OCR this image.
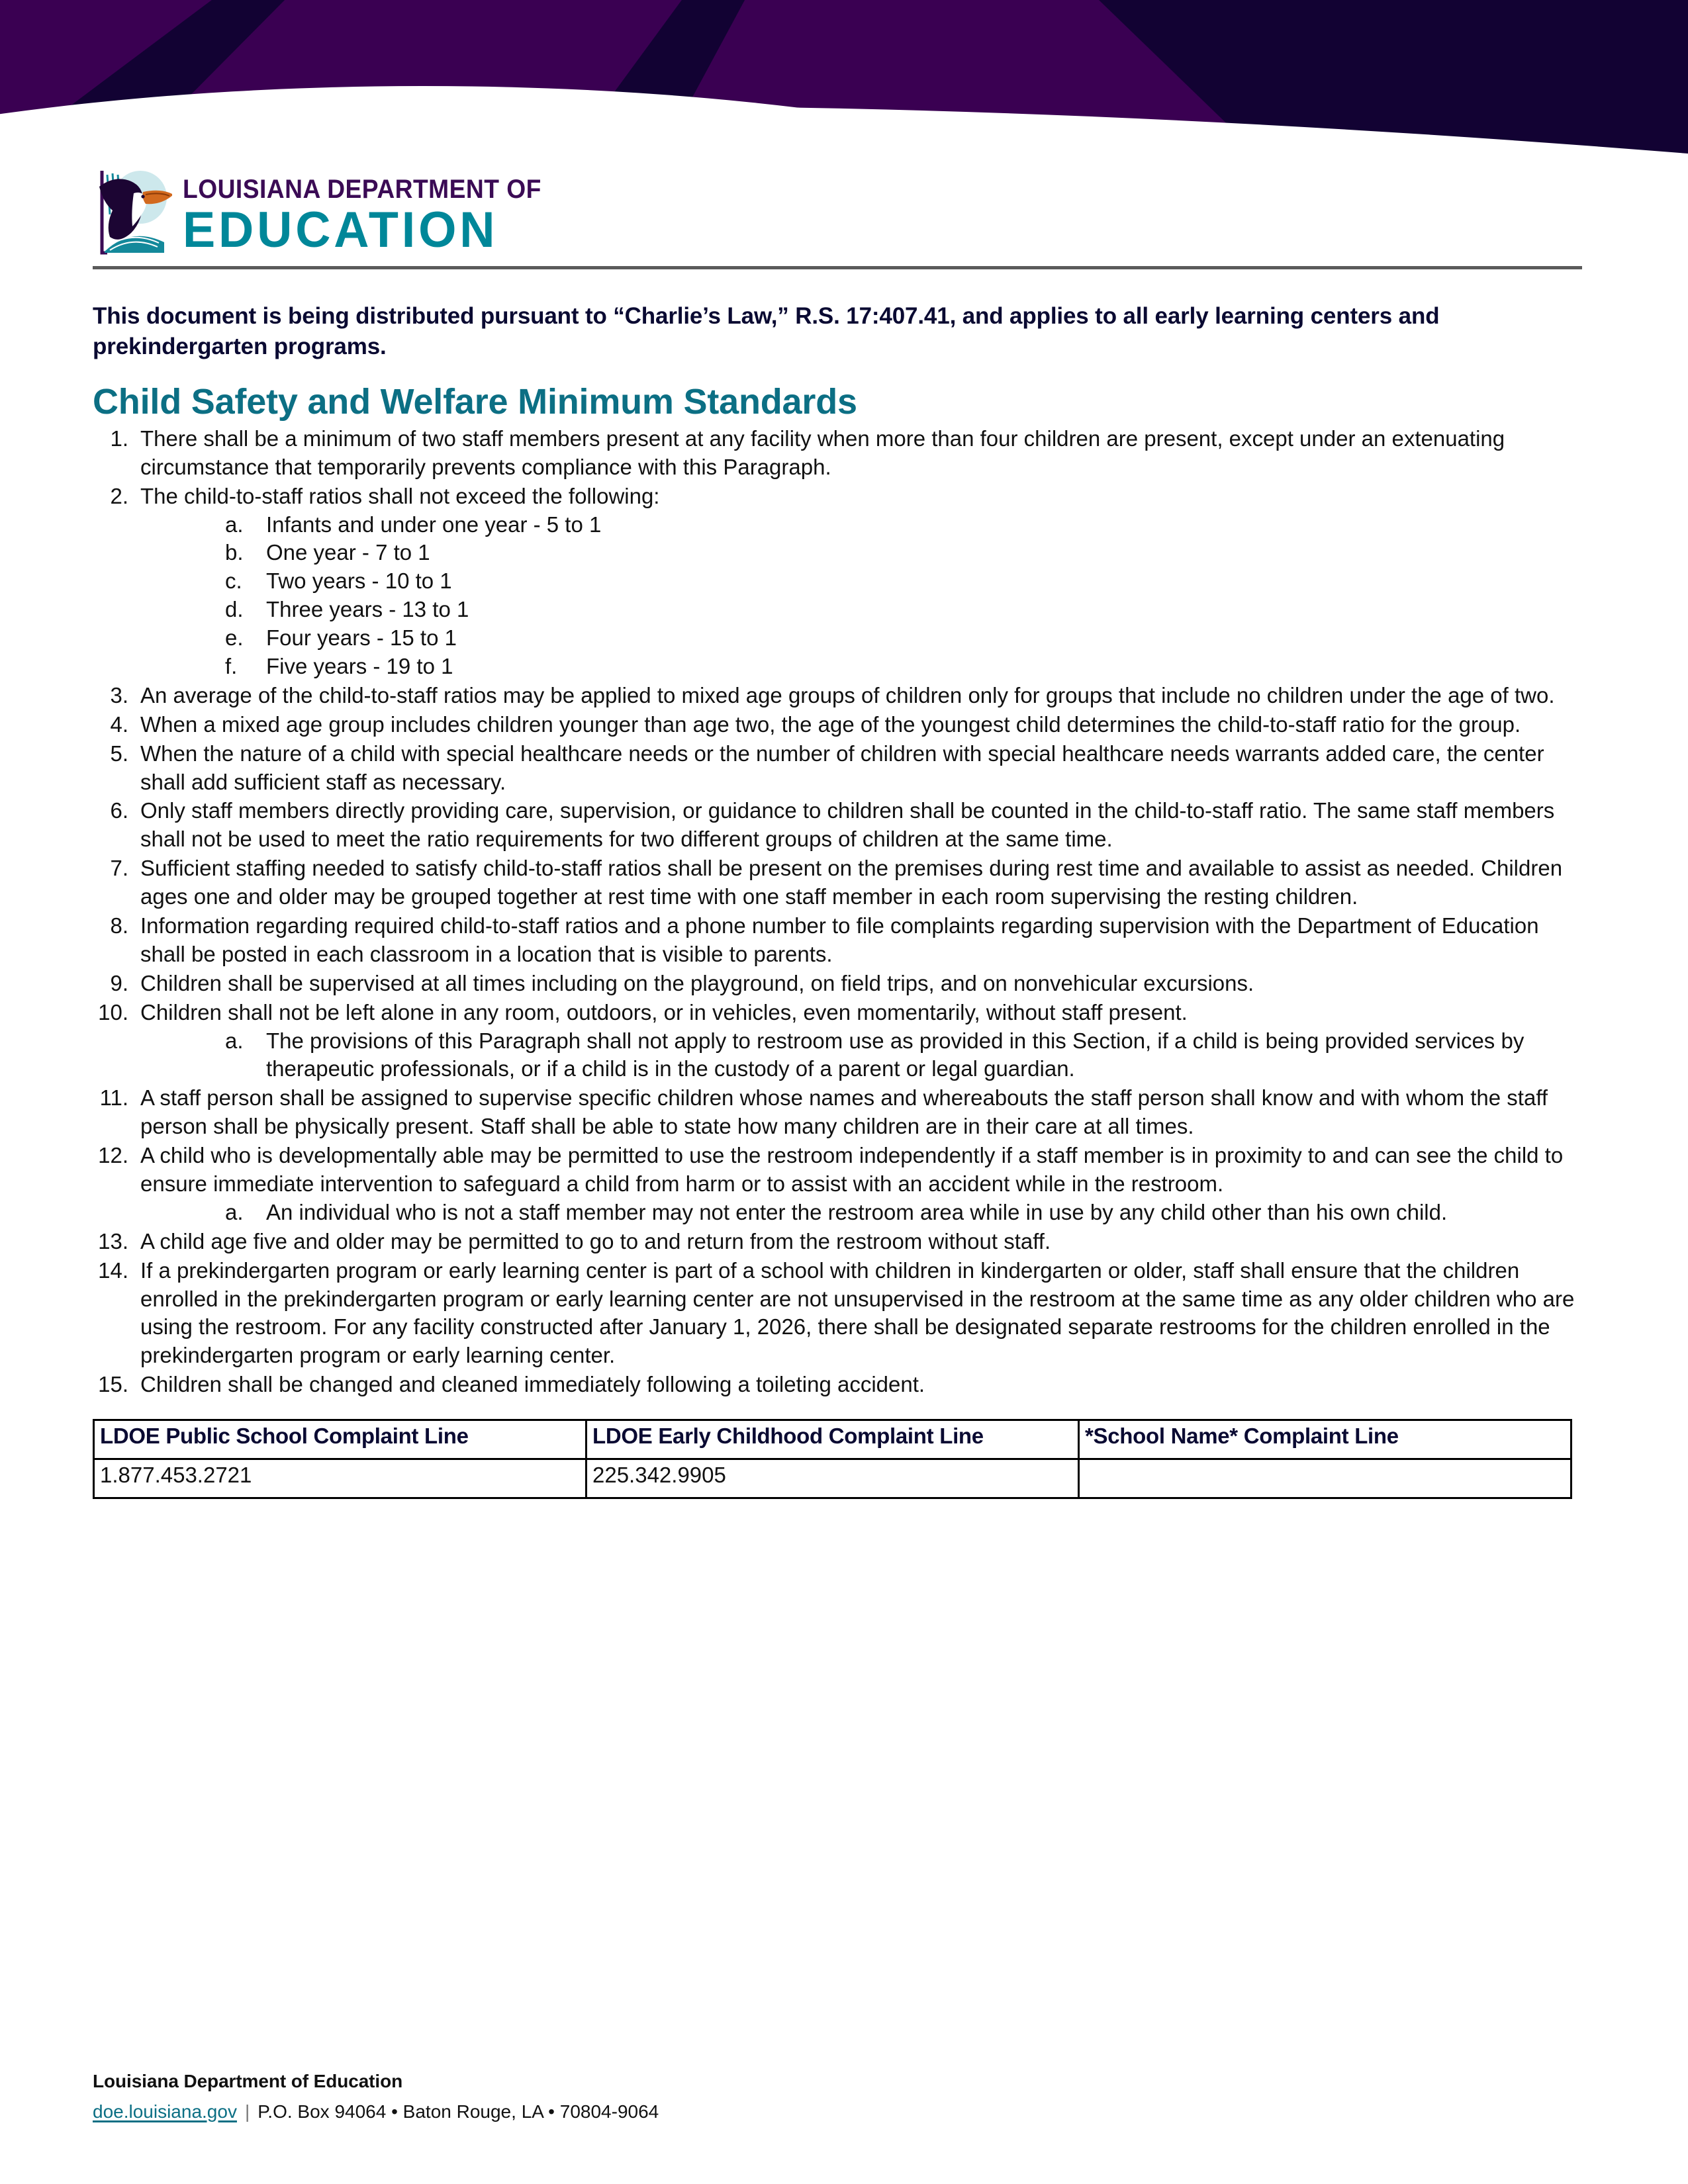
LOUISIANA DEPARTMENT OF
EDUCATION

This document is being distributed pursuant to “Charlie’s Law,” R.S. 17:407.41, and applies to all early learning centers and prekindergarten programs.

Child Safety and Welfare Minimum Standards
1. There shall be a minimum of two staff members present at any facility when more than four children are present, except under an extenuating circumstance that temporarily prevents compliance with this Paragraph.
2. The child-to-staff ratios shall not exceed the following:
a.	Infants and under one year - 5 to 1
b.	One year - 7 to 1
c.	Two years - 10 to 1
d.	Three years - 13 to 1
e.	Four years - 15 to 1
f.	Five years - 19 to 1
3. An average of the child-to-staff ratios may be applied to mixed age groups of children only for groups that include no children under the age of two.
4. When a mixed age group includes children younger than age two, the age of the youngest child determines the child-to-staff ratio for the group.
5. When the nature of a child with special healthcare needs or the number of children with special healthcare needs warrants added care, the center shall add sufficient staff as necessary.
6. Only staff members directly providing care, supervision, or guidance to children shall be counted in the child-to-staff ratio. The same staff members shall not be used to meet the ratio requirements for two different groups of children at the same time.
7. Sufficient staffing needed to satisfy child-to-staff ratios shall be present on the premises during rest time and available to assist as needed. Children ages one and older may be grouped together at rest time with one staff member in each room supervising the resting children.
8. Information regarding required child-to-staff ratios and a phone number to file complaints regarding supervision with the Department of Education shall be posted in each classroom in a location that is visible to parents.
9. Children shall be supervised at all times including on the playground, on field trips, and on nonvehicular excursions.
10. Children shall not be left alone in any room, outdoors, or in vehicles, even momentarily, without staff present.
a.	The provisions of this Paragraph shall not apply to restroom use as provided in this Section, if a child is being provided services by therapeutic professionals, or if a child is in the custody of a parent or legal guardian.
11. A staff person shall be assigned to supervise specific children whose names and whereabouts the staff person shall know and with whom the staff person shall be physically present. Staff shall be able to state how many children are in their care at all times.
12. A child who is developmentally able may be permitted to use the restroom independently if a staff member is in proximity to and can see the child to ensure immediate intervention to safeguard a child from harm or to assist with an accident while in the restroom.
a.	An individual who is not a staff member may not enter the restroom area while in use by any child other than his own child.
13. A child age five and older may be permitted to go to and return from the restroom without staff.
14. If a prekindergarten program or early learning center is part of a school with children in kindergarten or older, staff shall ensure that the children enrolled in the prekindergarten program or early learning center are not unsupervised in the restroom at the same time as any older children who are using the restroom. For any facility constructed after January 1, 2026, there shall be designated separate restrooms for the children enrolled in the prekindergarten program or early learning center.
15. Children shall be changed and cleaned immediately following a toileting accident.
LDOE Public School Complaint Line	LDOE Early Childhood Complaint Line	*School Name* Complaint Line
1.877.453.2721	225.342.9905	
Louisiana Department of Education
doe.louisiana.gov | P.O. Box 94064 • Baton Rouge, LA • 70804-9064
